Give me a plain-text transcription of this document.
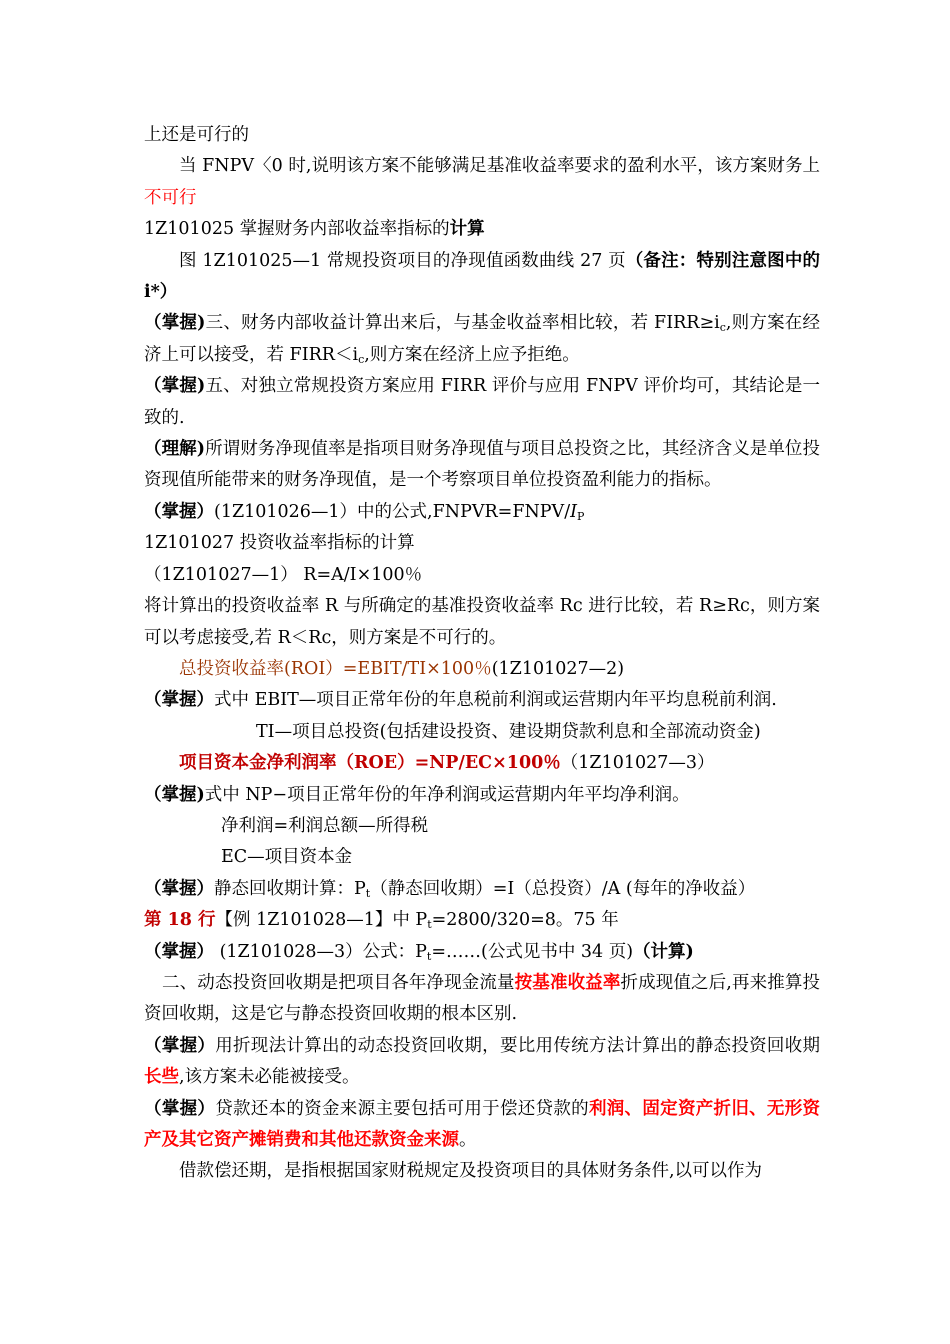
上还是可行的

当 FNPV〈0 时,说明该方案不能够满足基准收益率要求的盈利水平，该方案财务上不可行

1Z101025 掌握财务内部收益率指标的计算

图 1Z101025—1 常规投资项目的净现值函数曲线 27 页（备注：特别注意图中的 i*）

（掌握)三、财务内部收益计算出来后，与基金收益率相比较，若 $FIRR\ge i_c$,则方案在经济上可以接受，若 $FIRR<i_c$,则方案在经济上应予拒绝。

（掌握)五、对独立常规投资方案应用 FIRR 评价与应用 FNPV 评价均可，其结论是一致的.

（理解)所谓财务净现值率是指项目财务净现值与项目总投资之比，其经济含义是单位投资现值所能带来的财务净现值，是一个考察项目单位投资盈利能力的指标。

（掌握）(1Z101026—1）中的公式$,FNPVR=FNPV/I_P$

1Z101027 投资收益率指标的计算

（1Z101027—1） R=A/I×100％

将计算出的投资收益率 R 与所确定的基准投资收益率 Rc 进行比较，若 R≥Rc，则方案可以考虑接受,若 R＜Rc，则方案是不可行的。

总投资收益率(ROI）=EBIT/TI×100％(1Z101027—2)

（掌握）式中 EBIT—项目正常年份的年息税前利润或运营期内年平均息税前利润.

TI—项目总投资(包括建设投资、建设期贷款利息和全部流动资金)

项目资本金净利润率（ROE）=NP/EC×100％（1Z101027—3）

（掌握)式中 NP−项目正常年份的年净利润或运营期内年平均净利润。

净利润=利润总额—所得税

EC—项目资本金

（掌握）静态回收期计算：$P_t$（静态回收期）=I（总投资）/A (每年的净收益）

第 18 行【例 1Z101028—1】中 $P_t=2800/320=8$。75 年

（掌握） (1Z101028—3）公式：$P_t=\dots\dots$(公式见书中 34 页)（计算)

二、动态投资回收期是把项目各年净现金流量按基准收益率折成现值之后,再来推算投资回收期，这是它与静态投资回收期的根本区别.

（掌握）用折现法计算出的动态投资回收期，要比用传统方法计算出的静态投资回收期长些,该方案未必能被接受。

（掌握）贷款还本的资金来源主要包括可用于偿还贷款的利润、固定资产折旧、无形资产及其它资产摊销费和其他还款资金来源。

借款偿还期，是指根据国家财税规定及投资项目的具体财务条件,以可以作为
